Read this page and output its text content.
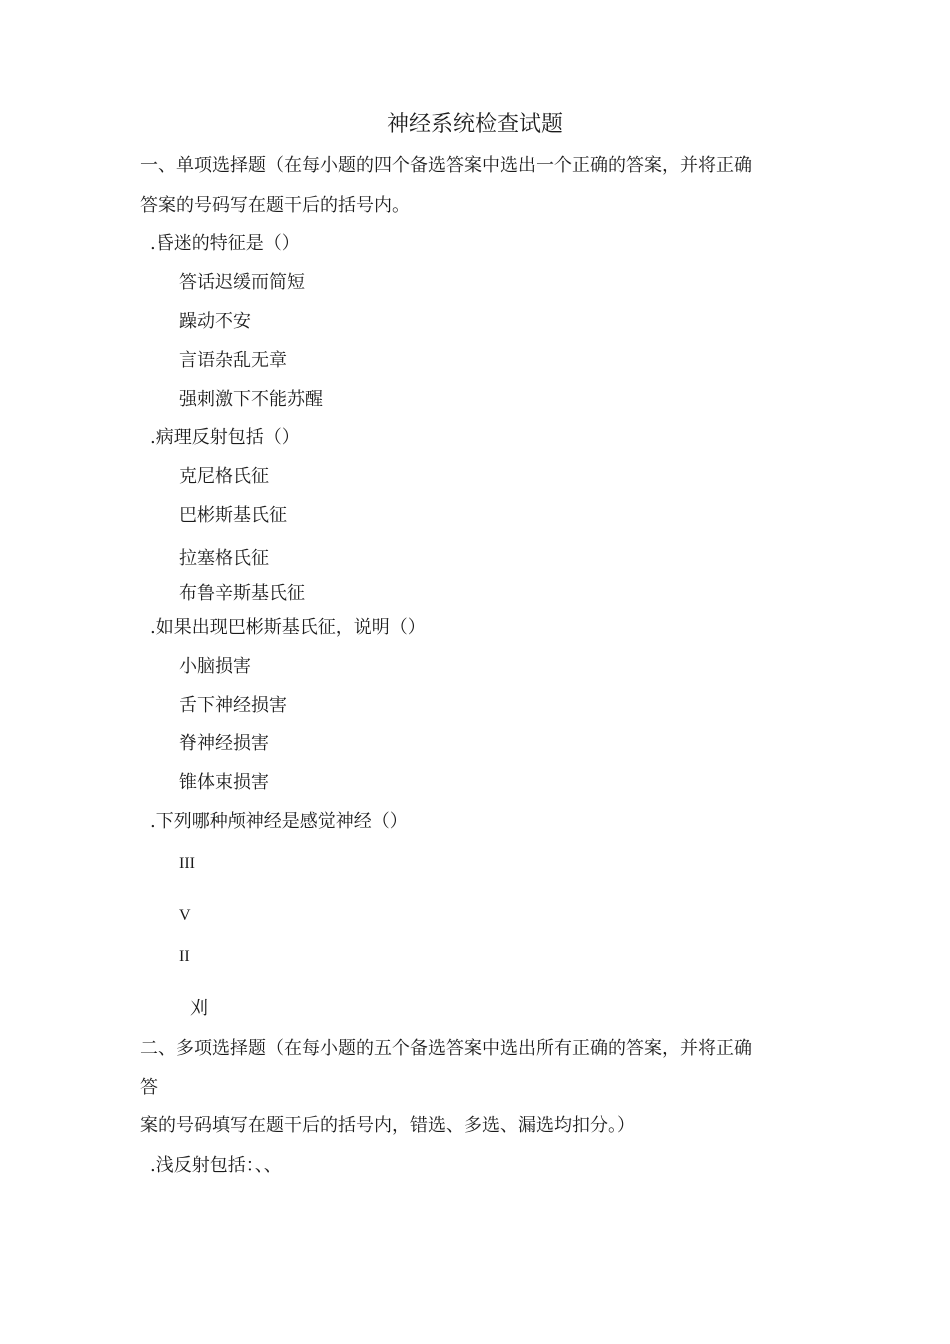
神经系统检查试题
一、单项选择题（在每小题的四个备选答案中选出一个正确的答案，并将正确
答案的号码写在题干后的括号内。
.昏迷的特征是（）
答话迟缓而简短
躁动不安
言语杂乱无章
强刺激下不能苏醒
.病理反射包括（）
克尼格氏征
巴彬斯基氏征
拉塞格氏征
布鲁辛斯基氏征
.如果出现巴彬斯基氏征，说明（）
小脑损害
舌下神经损害
脊神经损害
锥体束损害
.下列哪种颅神经是感觉神经（）
III
V
II
刈
二、多项选择题（在每小题的五个备选答案中选出所有正确的答案，并将正确
答
案的号码填写在题干后的括号内，错选、多选、漏选均扣分。）
.浅反射包括：、、
